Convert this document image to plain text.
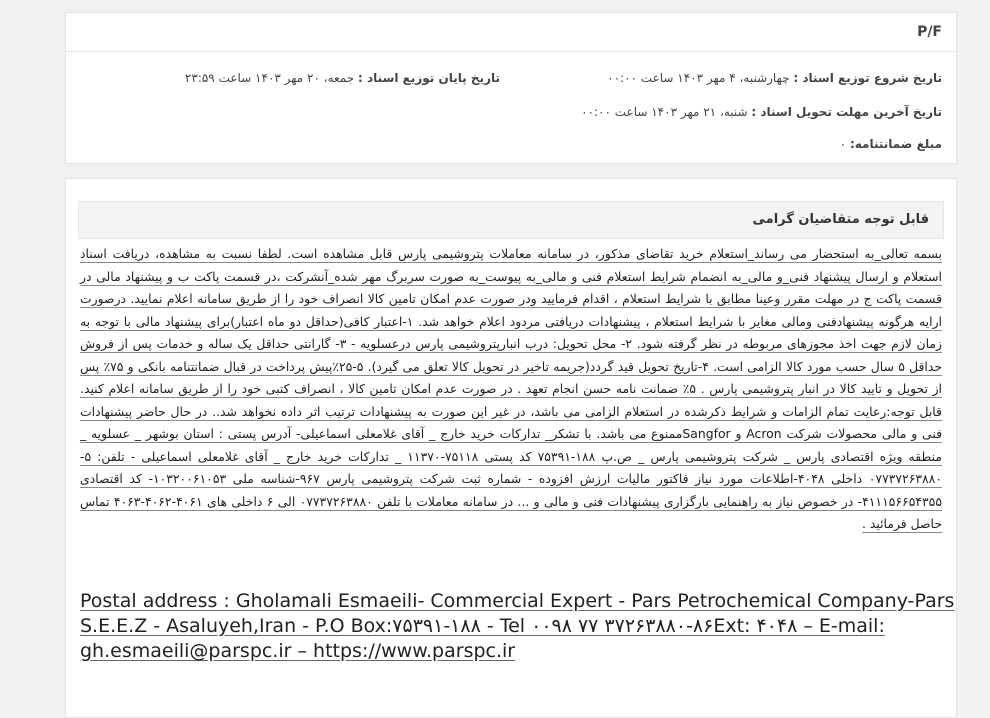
P/F
تاریخ شروع توزیع اسناد : چهارشنبه، ۴ مهر ۱۴۰۳ ساعت ۰۰:۰۰
تاریخ پایان توزیع اسناد : جمعه، ۲۰ مهر ۱۴۰۳ ساعت ۲۳:۵۹
تاریخ آخرین مهلت تحویل اسناد : شنبه، ۲۱ مهر ۱۴۰۳ ساعت ۰۰:۰۰
مبلغ ضمانتنامه: ۰
قابل توجه متقاضیان گرامی

بسمه تعالی_به استحضار می رساند_استعلام خرید تقاضای مذکور، در سامانه معاملات پتروشیمی پارس قابل مشاهده است. لطفا نسبت به مشاهده، دریافت اسناد استعلام و ارسال پیشنهاد فنی_و مالی_به انضمام شرایط استعلام فنی و مالی_به پیوست_به صورت سربرگ مهر شده_آنشرکت ،در قسمت پاکت ب و پیشنهاد مالی در قسمت پاکت ج در مهلت مقرر وعینا مطابق با شرایط استعلام ، اقدام فرمایید ودر صورت عدم امکان تامین کالا انصراف خود را از طریق سامانه اعلام نمایید. درصورت ارایه هرگونه پیشنهادفنی ومالی مغایر با شرایط استعلام ، پیشنهادات دریافتی مردود اعلام خواهد شد. ۱-اعتبار کافی(حداقل دو ماه اعتبار)برای پیشنهاد مالی با توجه به زمان لازم جهت اخذ مجوزهای مربوطه در نظر گرفته شود. ۲- محل تحویل: درب انبارپتروشیمی پارس درعسلویه - ۳- گارانتی حداقل یک ساله و خدمات پس از فروش حداقل ۵ سال حسب مورد کالا الزامی است. ۴-تاریخ تحویل قید گردد(جریمه تاخیر در تحویل کالا تعلق می گیرد). ۵-۲۵٪پیش پرداخت در قبال ضمانتنامه بانکی و ۷۵٪ پس از تحویل و تایید کالا در انبار پتروشیمی پارس . ۵٪ ضمانت نامه حسن انجام تعهد . در صورت عدم امکان تامین کالا ، انصراف کتبی خود را از طریق سامانه اعلام کنید. قابل توجه:رعایت تمام الزامات و شرایط ذکرشده در استعلام الزامی می باشد، در غیر این صورت به پیشنهادات ترتیب اثر داده نخواهد شد.. در حال حاضر پیشنهادات فنی و مالی محصولات شرکت Acron و Sangforممنوع می باشد. با تشکر_ تدارکات خرید خارج _ آقای غلامعلی اسماعیلی- آدرس پستی : استان بوشهر _ عسلویه _ منطقه ویژه اقتصادی پارس _ شرکت پتروشیمی پارس _ ص.پ ۱۸۸-۷۵۳۹۱ کد پستی ۷۵۱۱۸-۱۱۳۷۰ _ تدارکات خرید خارج _ آقای غلامعلی اسماعیلی - تلفن: ۵- ۰۷۷۳۷۲۶۳۸۸۰ داخلی ۴۰۴۸-اطلاعات مورد نیاز فاکتور مالیات ارزش افزوده - شماره ثبت شرکت پتروشیمی پارس ۹۶۷-شناسه ملی ۱۰۳۲۰۰۶۱۰۵۳- کد اقتصادی ۴۱۱۱۵۶۶۵۴۳۵۵- در خصوص نیاز به راهنمایی بارگزاری پیشنهادات فنی و مالی و ... در سامانه معاملات با تلفن ۰۷۷۳۷۲۶۳۸۸۰ الی ۶ داخلی های ۴۰۶۱-۴۰۶۲-۴۰۶۳ تماس حاصل فرمائید .

Postal address : Gholamali Esmaeili- Commercial Expert - Pars Petrochemical Company-Pars
S.E.E.Z - Asaluyeh,Iran - P.O Box:۷۵۳۹۱-۱۸۸ - Tel ۰۰۹۸ ۷۷ ۳۷۲۶۳۸۸۰-۸۶Ext: ۴۰۴۸ – E-mail:
gh.esmaeili@parspc.ir – https://www.parspc.ir
